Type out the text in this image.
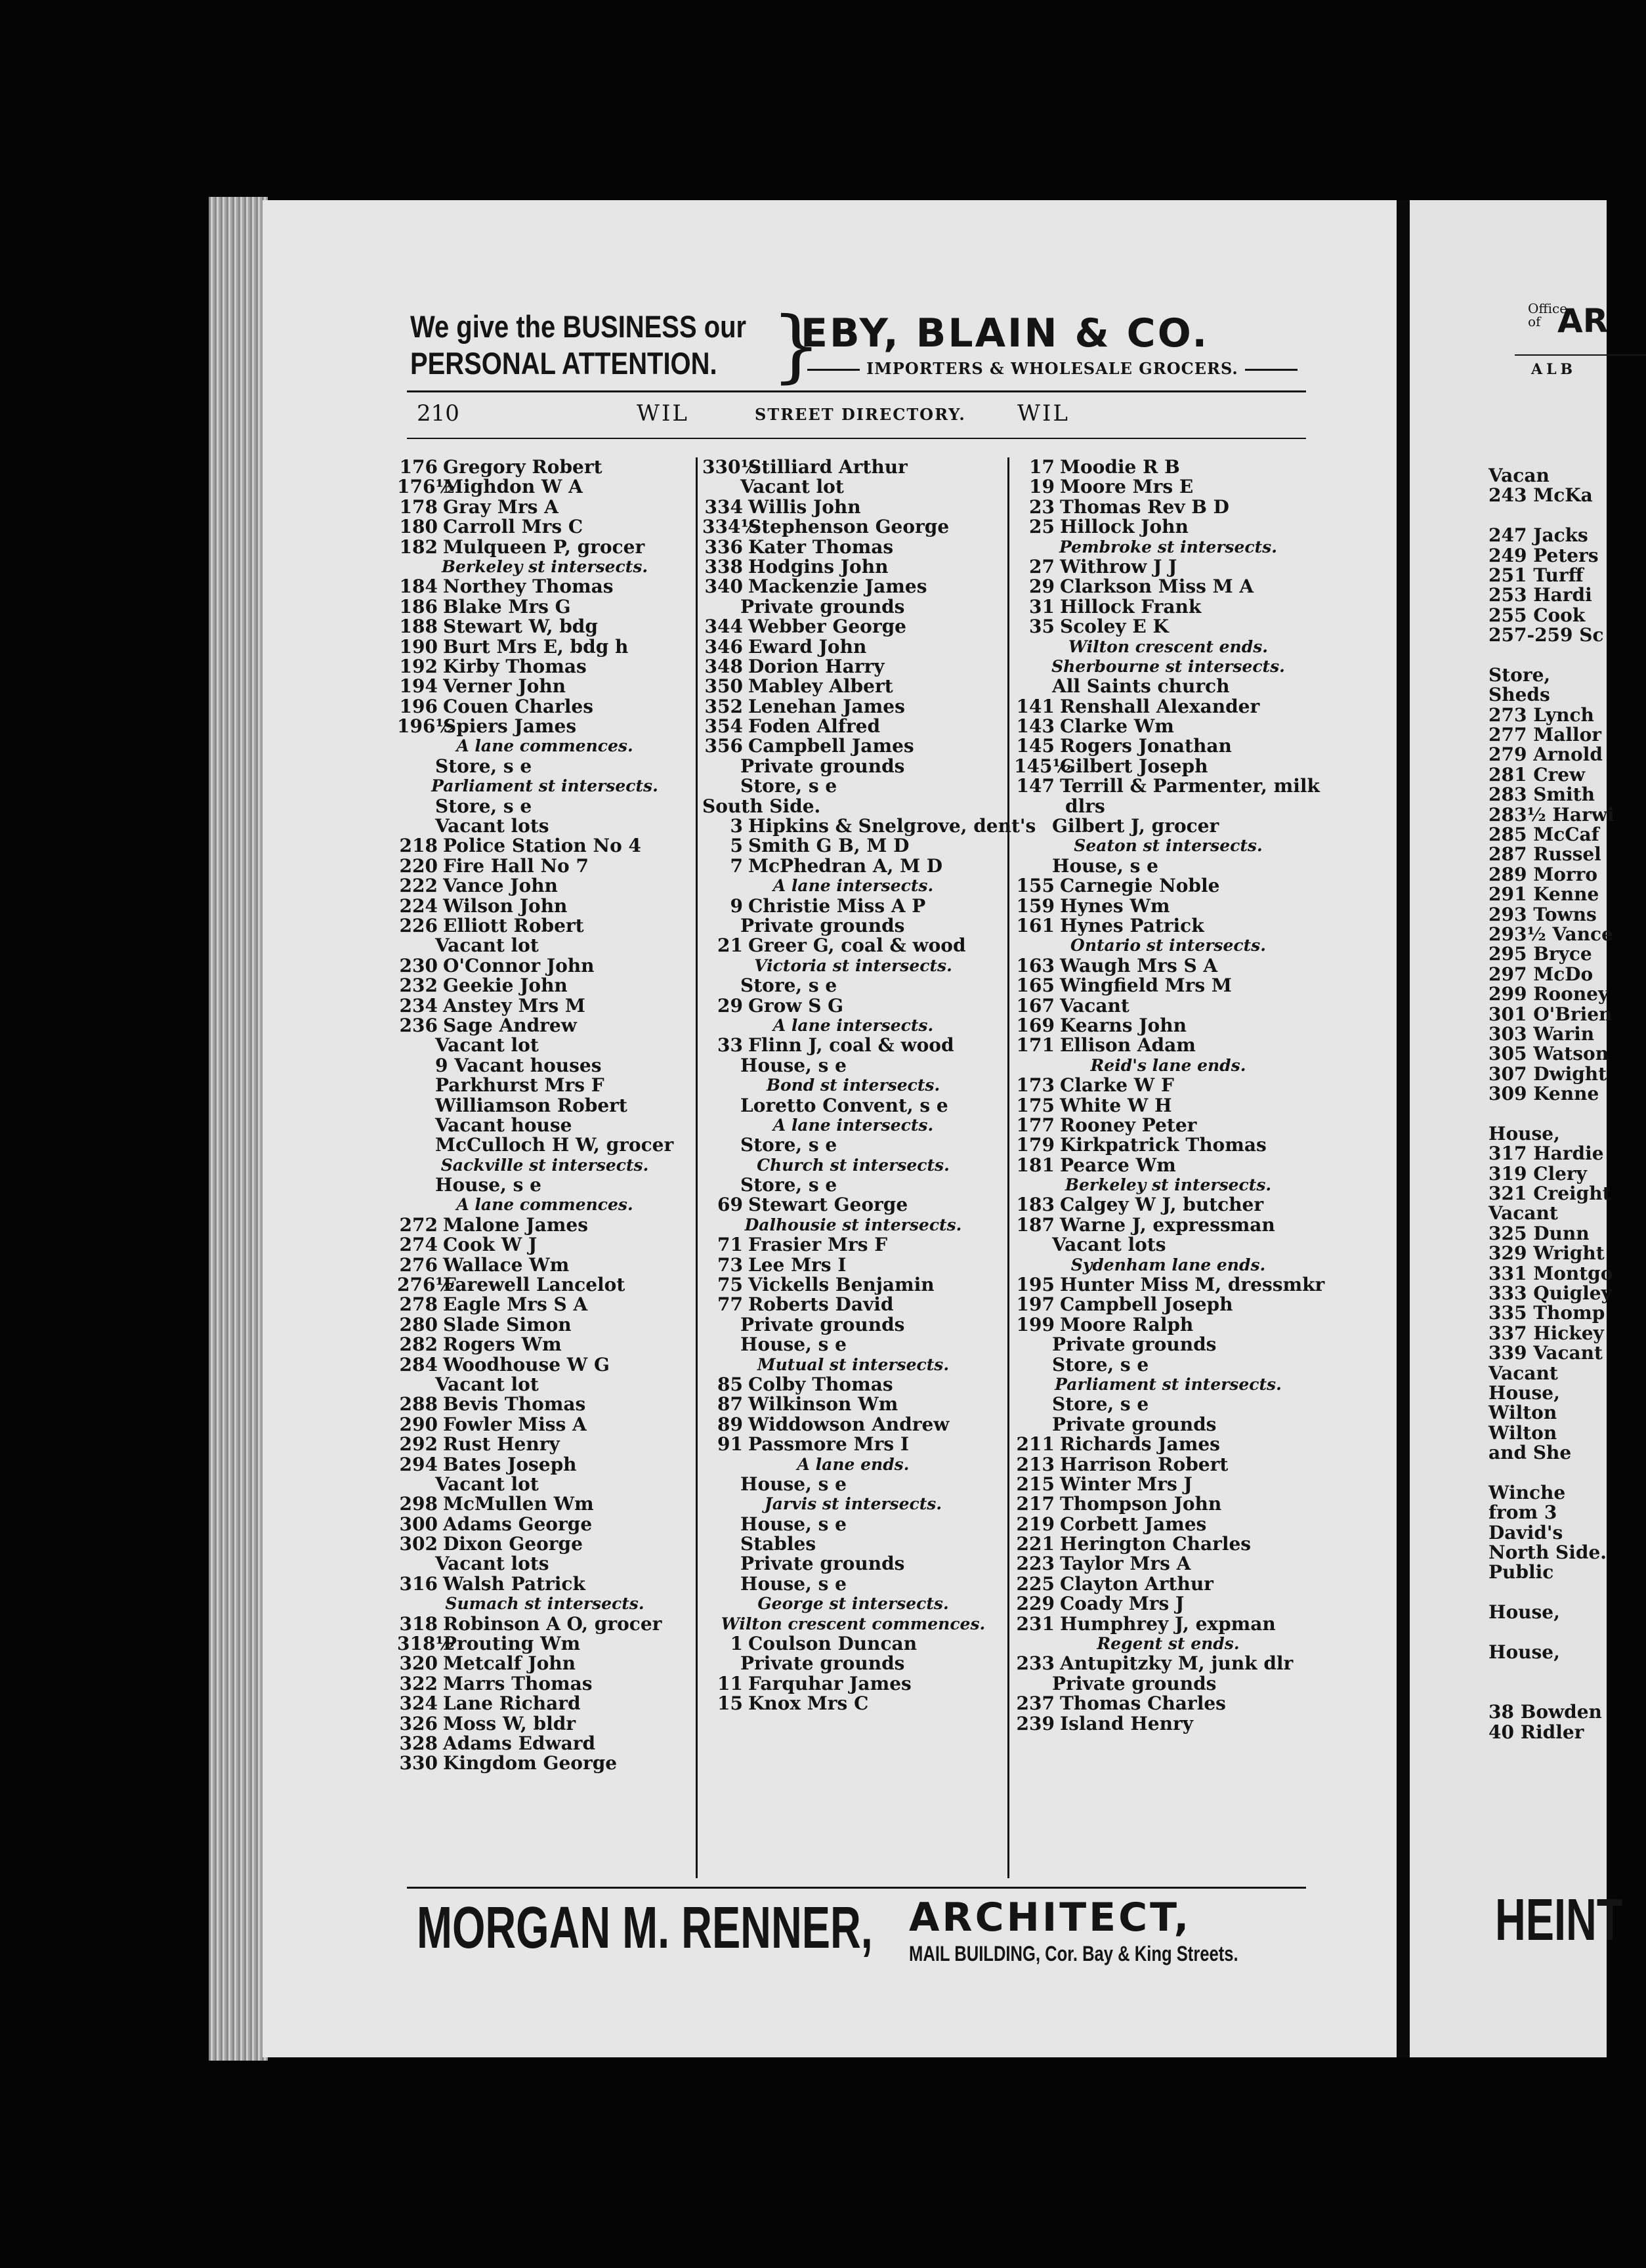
We give the BUSINESS our
PERSONAL ATTENTION. }
EBY, BLAIN & CO.
IMPORTERS & WHOLESALE GROCERS.
210	WIL	STREET DIRECTORY. WIL
176 Gregory Robert
176½Mighdon W A
178 Gray Mrs A
180 Carroll Mrs C
182 Mulqueen P, grocer
Berkeley st intersects.
184 Northey Thomas
186 Blake Mrs G
188 Stewart W, bdg
190 Burt Mrs E, bdg h
192 Kirby Thomas
194 Verner John
196 Couen Charles
196½Spiers James
A lane commences.
Store, s e
Parliament st intersects.
Store, s e
Vacant lots
218 Police Station No 4
220 Fire Hall No 7
222 Vance John
224 Wilson John
226 Elliott Robert
Vacant lot
230 O'Connor John
232 Geekie John
234 Anstey Mrs M
236 Sage Andrew
Vacant lot
9 Vacant houses
Parkhurst Mrs F
Williamson Robert
Vacant house
McCulloch H W, grocer
Sackville st intersects.
House, s e
A lane commences.
272 Malone James
274 Cook W J
276 Wallace Wm
276½Farewell Lancelot
278 Eagle Mrs S A
280 Slade Simon
282 Rogers Wm
284 Woodhouse W G
Vacant lot
288 Bevis Thomas
290 Fowler Miss A
292 Rust Henry
294 Bates Joseph
Vacant lot
298 McMullen Wm
300 Adams George
302 Dixon George
Vacant lots
316 Walsh Patrick
Sumach st intersects.
318 Robinson A O, grocer
318½Prouting Wm
320 Metcalf John
322 Marrs Thomas
324 Lane Richard
326 Moss W, bldr
328 Adams Edward
330 Kingdom George
330½Stilliard Arthur
Vacant lot
334 Willis John
334½Stephenson George
336 Kater Thomas
338 Hodgins John
340 Mackenzie James
Private grounds
344 Webber George
346 Eward John
348 Dorion Harry
350 Mabley Albert
352 Lenehan James
354 Foden Alfred
356 Campbell James
Private grounds
Store, s e
South Side.
3 Hipkins & Snelgrove, dent's
5 Smith G B, M D
7 McPhedran A, M D
A lane intersects.
9 Christie Miss A P
Private grounds
21 Greer G, coal & wood
Victoria st intersects.
Store, s e
29 Grow S G
A lane intersects.
33 Flinn J, coal & wood
House, s e
Bond st intersects.
Loretto Convent, s e
A lane intersects.
Store, s e
Church st intersects.
Store, s e
69 Stewart George
Dalhousie st intersects.
71 Frasier Mrs F
73 Lee Mrs I
75 Vickells Benjamin
77 Roberts David
Private grounds
House, s e
Mutual st intersects.
85 Colby Thomas
87 Wilkinson Wm
89 Widdowson Andrew
91 Passmore Mrs I
A lane ends.
House, s e
Jarvis st intersects.
House, s e
Stables
Private grounds
House, s e
George st intersects.
Wilton crescent commences.
1 Coulson Duncan
Private grounds
11 Farquhar James
15 Knox Mrs C
17 Moodie R B
19 Moore Mrs E
23 Thomas Rev B D
25 Hillock John
Pembroke st intersects.
27 Withrow J J
29 Clarkson Miss M A
31 Hillock Frank
35 Scoley E K
Wilton crescent ends.
Sherbourne st intersects.
All Saints church
141 Renshall Alexander
143 Clarke Wm
145 Rogers Jonathan
145½Gilbert Joseph
147 Terrill & Parmenter, milk
dlrs
Gilbert J, grocer
Seaton st intersects.
House, s e
155 Carnegie Noble
159 Hynes Wm
161 Hynes Patrick
Ontario st intersects.
163 Waugh Mrs S A
165 Wingfield Mrs M
167 Vacant
169 Kearns John
171 Ellison Adam
Reid's lane ends.
173 Clarke W F
175 White W H
177 Rooney Peter
179 Kirkpatrick Thomas
181 Pearce Wm
Berkeley st intersects.
183 Calgey W J, butcher
187 Warne J, expressman
Vacant lots
Sydenham lane ends.
195 Hunter Miss M, dressmkr
197 Campbell Joseph
199 Moore Ralph
Private grounds
Store, s e
Parliament st intersects.
Store, s e
Private grounds
211 Richards James
213 Harrison Robert
215 Winter Mrs J
217 Thompson John
219 Corbett James
221 Herington Charles
223 Taylor Mrs A
225 Clayton Arthur
229 Coady Mrs J
231 Humphrey J, expman
Regent st ends.
233 Antupitzky M, junk dlr
Private grounds
237 Thomas Charles
239 Island Henry
MORGAN M. RENNER, ARCHITECT,
MAIL BUILDING, Cor. Bay & King Streets.
Office of AR
ALB
Vacan
243 McKa
247 Jacks
249 Peters
251 Turff
253 Hardi
255 Cook
257-259 Sc
Store,
Sheds
273 Lynch
277 Mallor
279 Arnold
281 Crew
283 Smith
283½ Harwi
285 McCaf
287 Russel
289 Morro
291 Kenne
293 Towns
293½ Vance
295 Bryce
297 McDo
299 Rooney
301 O'Brien
303 Warin
305 Watson
307 Dwight
309 Kenne
House,
317 Hardie
319 Clery
321 Creight
Vacant
325 Dunn
329 Wright
331 Montgo
333 Quigley
335 Thomp
337 Hickey
339 Vacant
Vacant
House,
Wilton
Wilton
and She
Winche
from 3
David's
North Side.
Public
House,
House,
38 Bowden
40 Ridler
HEINT
